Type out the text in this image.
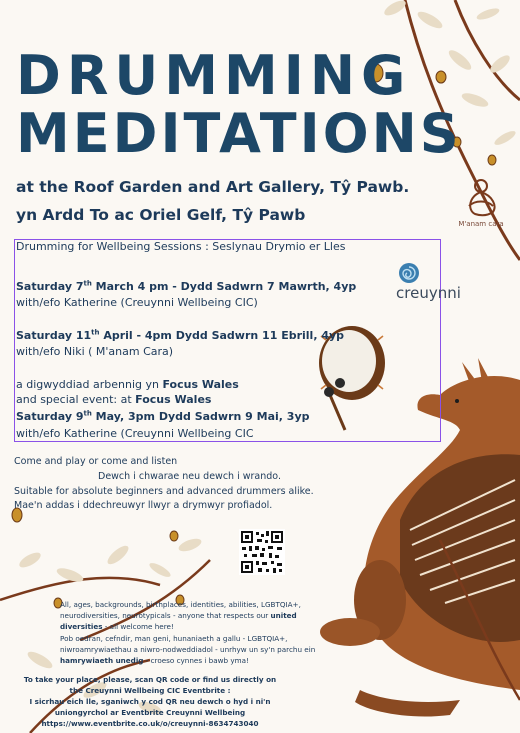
DRUMMING
MEDITATIONS
at the Roof Garden and Art Gallery, Tŷ Pawb.
yn Ardd To ac Oriel Gelf, Tŷ Pawb	M'anam cara
Drumming for Wellbeing Sessions : Seslynau Drymio er Lles
Saturday 7th March 4 pm - Dydd Sadwrn 7 Mawrth, 4yp
with/efo Katherine (Creuynni Wellbeing CIC)
Saturday 11th April - 4pm Dydd Sadwrn 11 Ebrill, 4yp
with/efo Niki ( M'anam Cara)
a digwyddiad arbennig yn Focus Wales
and special event: at Focus Wales
Saturday 9th May, 3pm Dydd Sadwrn 9 Mai, 3yp
with/efo Katherine (Creuynni Wellbeing CIC
creuynni
Come and play or come and listen
Dewch i chwarae neu dewch i wrando.
Suitable for absolute beginners and advanced drummers alike.
Mae'n addas i ddechreuwyr llwyr a drymwyr profiadol.
All, ages, backgrounds, birthplaces, identities, abilities, LGBTQIA+,
neurodiversities, neurotypicals - anyone that respects our united
diversities - all welcome here!
Pob oedran, cefndir, man geni, hunaniaeth a gallu - LGBTQIA+,
niwroamrywiaethau a niwro-nodweddiadol - unrhyw un sy'n parchu ein
hamrywiaeth unedig - croeso cynnes i bawb yma!
To take your place, please, scan QR code or find us directly on
the Creuynni Wellbeing CIC Eventbrite :
I sicrhau eich lle, sganiwch y cod QR neu dewch o hyd i ni'n
uniongyrchol ar Eventbrite Creuynni Wellbeing
https://www.eventbrite.co.uk/o/creuynni-8634743040
